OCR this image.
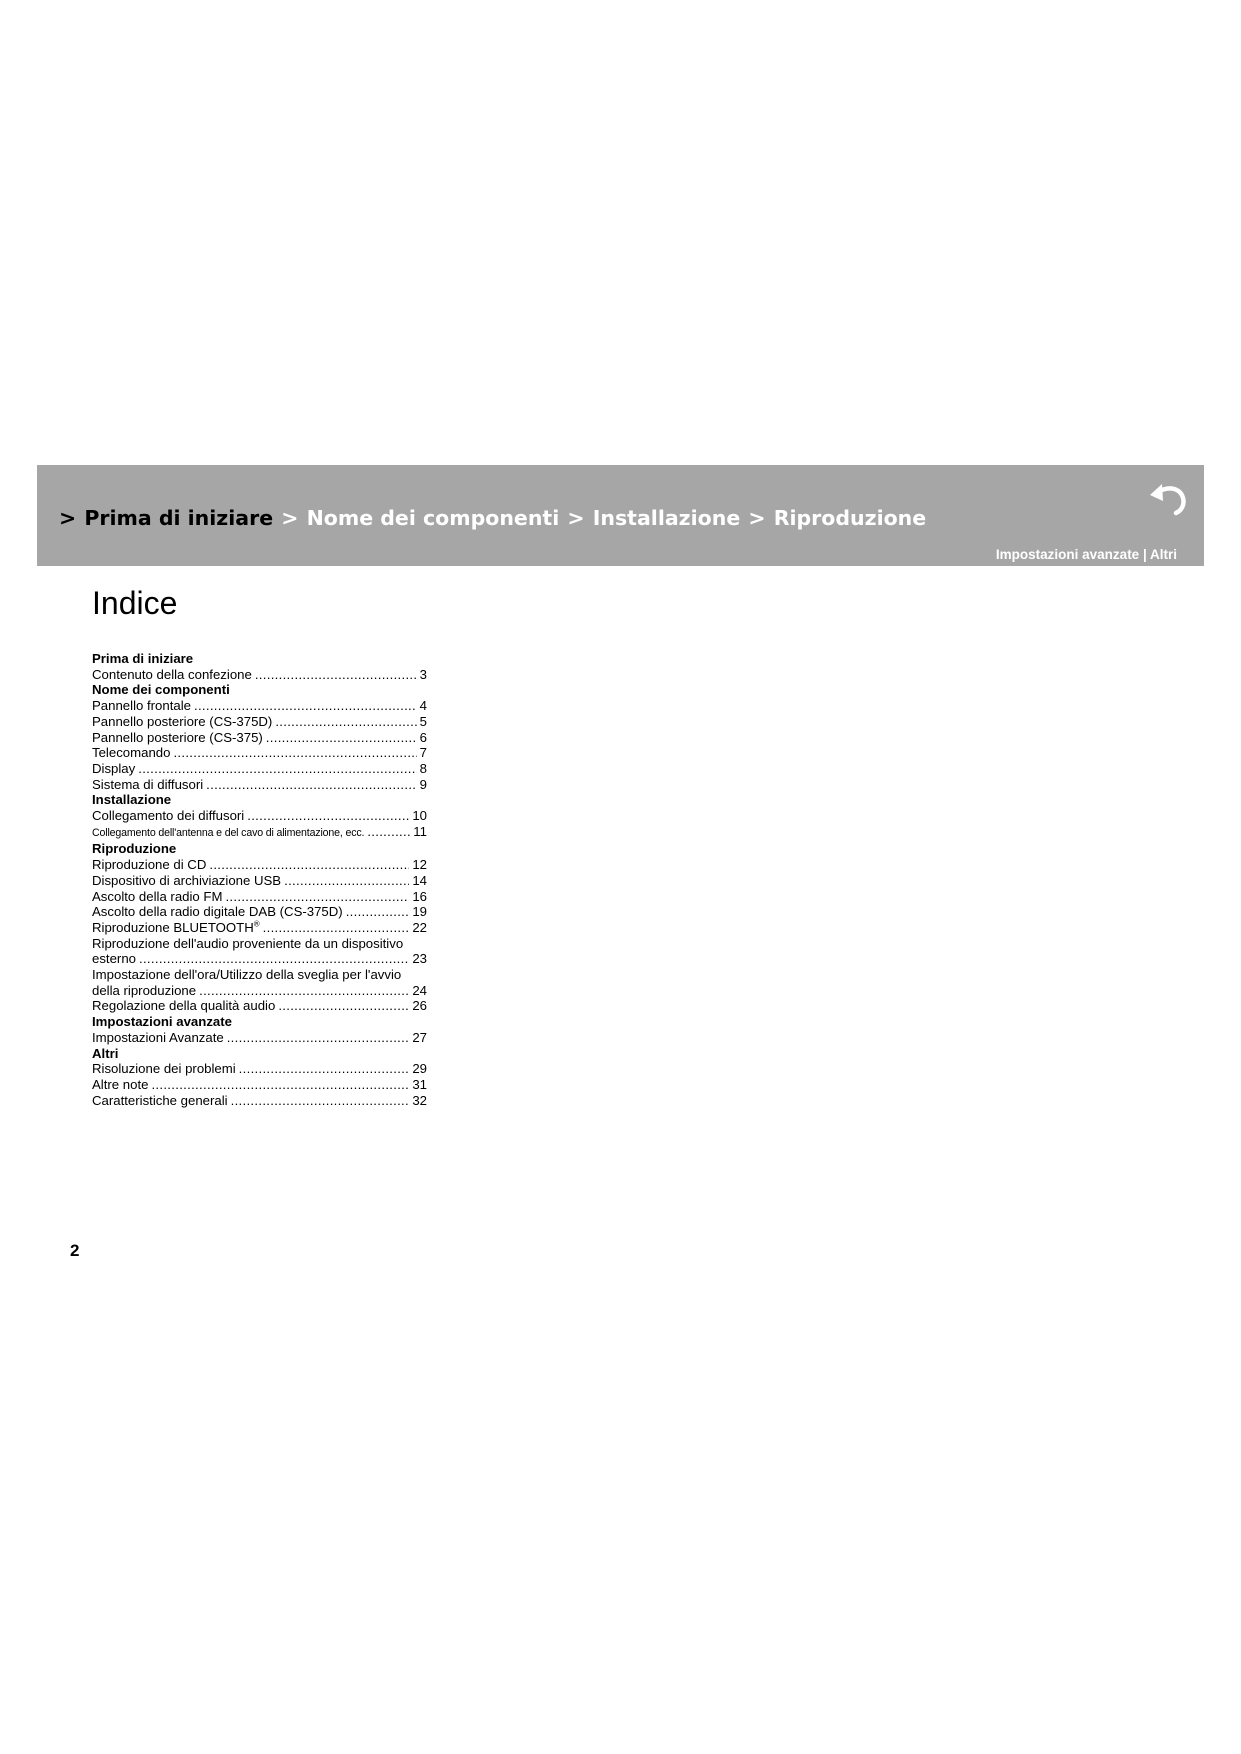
> Prima di iniziare > Nome dei componenti > Installazione > Riproduzione
Impostazioni avanzate | Altri
Indice
Prima di iniziare
Contenuto della confezione .....	3
Nome dei componenti
Pannello frontale .....	4
Pannello posteriore (CS-375D) .....	5
Pannello posteriore (CS-375) .....	6
Telecomando .....	7
Display .....	8
Sistema di diffusori .....	9
Installazione
Collegamento dei diffusori .....	10
Collegamento dell'antenna e del cavo di alimentazione, ecc. .....	11
Riproduzione
Riproduzione di CD .....	12
Dispositivo di archiviazione USB .....	14
Ascolto della radio FM .....	16
Ascolto della radio digitale DAB (CS-375D) .....	19
Riproduzione BLUETOOTH® .....	22
Riproduzione dell'audio proveniente da un dispositivo
esterno .....	23
Impostazione dell'ora/Utilizzo della sveglia per l'avvio
della riproduzione .....	24
Regolazione della qualità audio .....	26
Impostazioni avanzate
Impostazioni Avanzate .....	27
Altri
Risoluzione dei problemi .....	29
Altre note .....	31
Caratteristiche generali .....	32
2
